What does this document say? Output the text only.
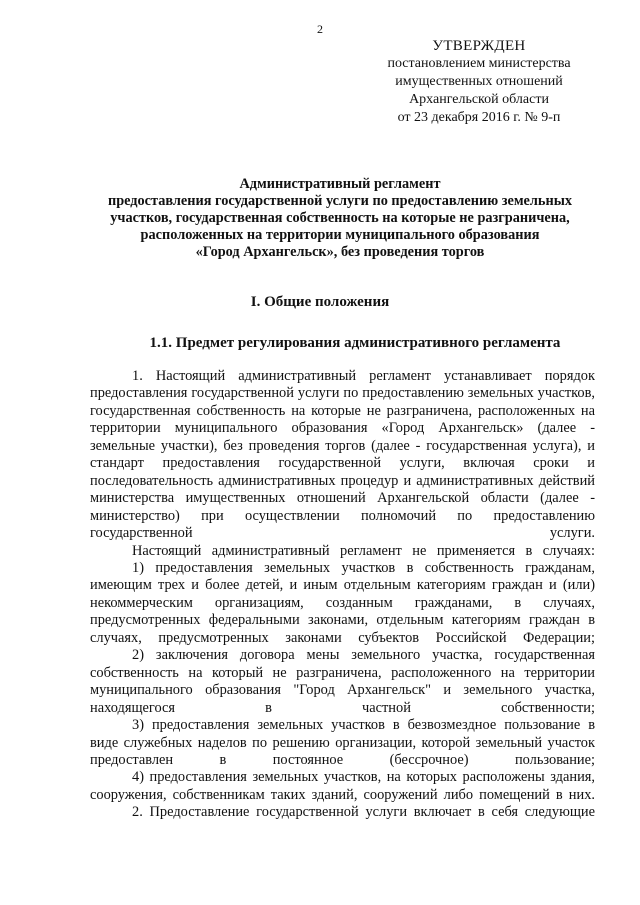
2
УТВЕРЖДЕН
постановлением министерства
имущественных отношений
Архангельской области
от 23 декабря 2016 г. № 9-п
Административный регламент
предоставления государственной услуги по предоставлению земельных
участков, государственная собственность на которые не разграничена,
расположенных на территории муниципального образования
«Город Архангельск», без проведения торгов
I. Общие положения
1.1. Предмет регулирования административного регламента

1. Настоящий административный регламент устанавливает порядок предоставления государственной услуги по предоставлению земельных участков, государственная собственность на которые не разграничена, расположенных на территории муниципального образования «Город Архангельск» (далее - земельные участки), без проведения торгов (далее - государственная услуга), и стандарт предоставления государственной услуги, включая сроки и последовательность административных процедур и административных действий министерства имущественных отношений Архангельской области (далее - министерство) при осуществлении полномочий по предоставлению государственной услуги.

Настоящий административный регламент не применяется в случаях:

1) предоставления земельных участков в собственность гражданам, имеющим трех и более детей, и иным отдельным категориям граждан и (или) некоммерческим организациям, созданным гражданами, в случаях, предусмотренных федеральными законами, отдельным категориям граждан в случаях, предусмотренных законами субъектов Российской Федерации;

2) заключения договора мены земельного участка, государственная собственность на который не разграничена, расположенного на территории муниципального образования "Город Архангельск" и земельного участка, находящегося в частной собственности;

3) предоставления земельных участков в безвозмездное пользование в виде служебных наделов по решению организации, которой земельный участок предоставлен в постоянное (бессрочное) пользование;

4) предоставления земельных участков, на которых расположены здания, сооружения, собственникам таких зданий, сооружений либо помещений в них.

2. Предоставление государственной услуги включает в себя следующие
